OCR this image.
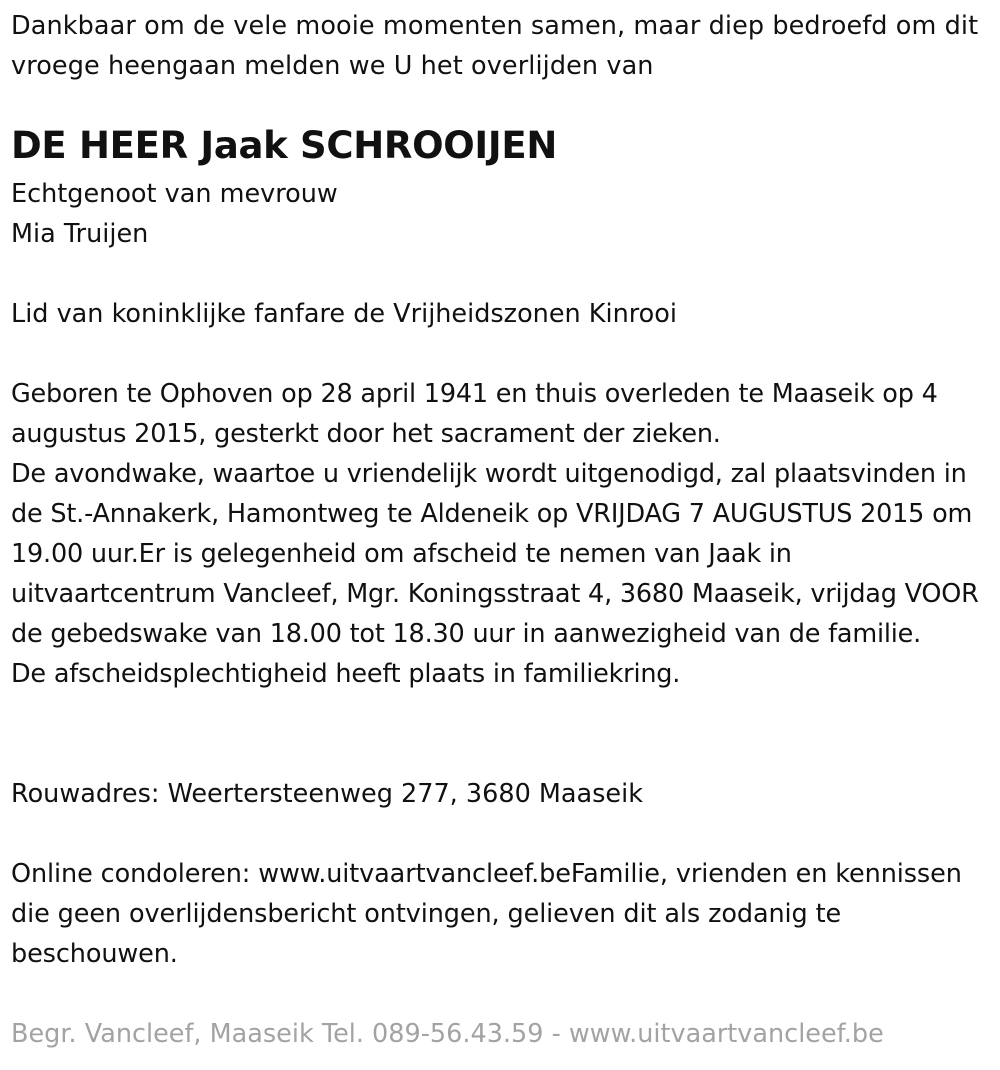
Dankbaar om de vele mooie momenten samen, maar diep bedroefd om dit vroege heengaan melden we U het overlijden van

DE HEER Jaak SCHROOIJEN

Echtgenoot van mevrouw

Mia Truijen

Lid van koninklijke fanfare de Vrijheidszonen Kinrooi

Geboren te Ophoven op 28 april 1941 en thuis overleden te Maaseik op 4 augustus 2015, gesterkt door het sacrament der zieken.

De avondwake, waartoe u vriendelijk wordt uitgenodigd, zal plaatsvinden in de St.-Annakerk, Hamontweg te Aldeneik op VRIJDAG 7 AUGUSTUS 2015 om 19.00 uur.Er is gelegenheid om afscheid te nemen van Jaak in uitvaartcentrum Vancleef, Mgr. Koningsstraat 4, 3680 Maaseik, vrijdag VOOR de gebedswake van 18.00 tot 18.30 uur in aanwezigheid van de familie.

De afscheidsplechtigheid heeft plaats in familiekring.

Rouwadres: Weertersteenweg 277, 3680 Maaseik

Online condoleren: www.uitvaartvancleef.beFamilie, vrienden en kennissen die geen overlijdensbericht ontvingen, gelieven dit als zodanig te beschouwen.

Begr. Vancleef, Maaseik Tel. 089-56.43.59 - www.uitvaartvancleef.be
